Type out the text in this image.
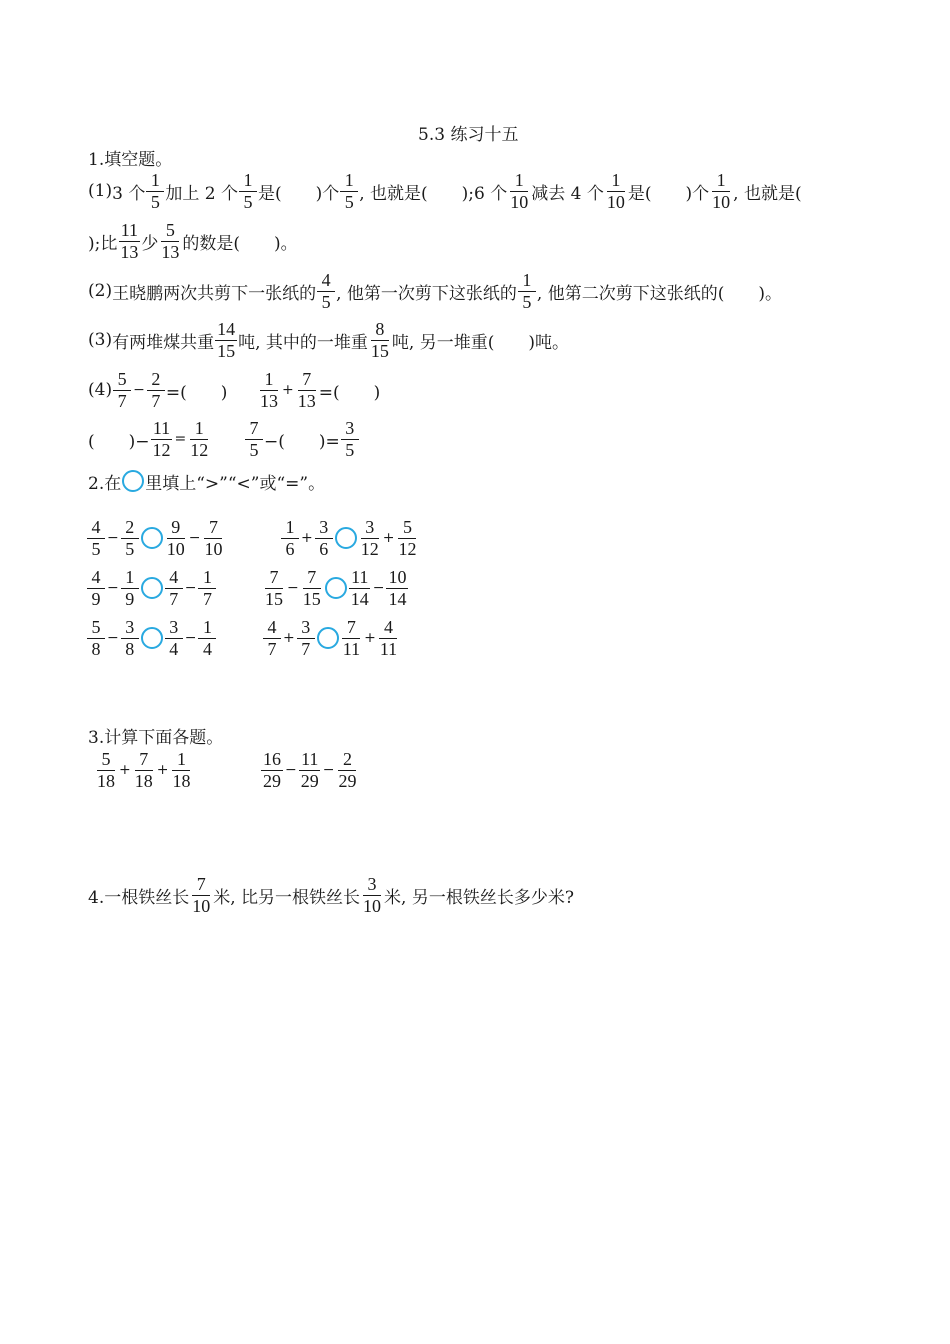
5.3 练习十五
1.填空题。
(1) 3 个 $\frac{1}{5}$ 加上 2 个 $\frac{1}{5}$ 是(　　)个 $\frac{1}{5}$ , 也就是(　　);6 个 $\frac{1}{10}$ 减去 4 个 $\frac{1}{10}$ 是(　　)个 $\frac{1}{10}$ , 也就是(
);比 $\frac{11}{13}$ 少 $\frac{5}{13}$ 的数是(　　)。
(2) 王晓鹏两次共剪下一张纸的 $\frac{4}{5}$ , 他第一次剪下这张纸的 $\frac{1}{5}$ , 他第二次剪下这张纸的(　　)。
(3) 有两堆煤共重 $\frac{14}{15}$ 吨, 其中的一堆重 $\frac{8}{15}$ 吨, 另一堆重(　　)吨。
$(4) \frac{5}{7} - \frac{2}{7}$ =(　　) $\frac{1}{13} + \frac{7}{13}$ =(　　)
(　　)− $\frac{11}{12} = \frac{1}{12} \frac{7}{5}$ −(　　)= $\frac{3}{5}$
2.在 里填上“>”“<”或“=”。
$\frac{4}{5} - \frac{2}{5} \frac{9}{10} - \frac{7}{10}$	$\frac{1}{6} + \frac{3}{6} \frac{3}{12} + \frac{5}{12}$
$\frac{4}{9} - \frac{1}{9} \frac{4}{7} - \frac{1}{7}$	$\frac{7}{15} - \frac{7}{15} \frac{11}{14} - \frac{10}{14}$
$\frac{5}{8} - \frac{3}{8} \frac{3}{4} - \frac{1}{4}$	$\frac{4}{7} + \frac{3}{7} \frac{7}{11} + \frac{4}{11}$
3.计算下面各题。
$\frac{5}{18} + \frac{7}{18} + \frac{1}{18}$	$\frac{16}{29} - \frac{11}{29} - \frac{2}{29}$
4.一根铁丝长 $\frac{7}{10}$ 米, 比另一根铁丝长 $\frac{3}{10}$ 米, 另一根铁丝长多少米?
